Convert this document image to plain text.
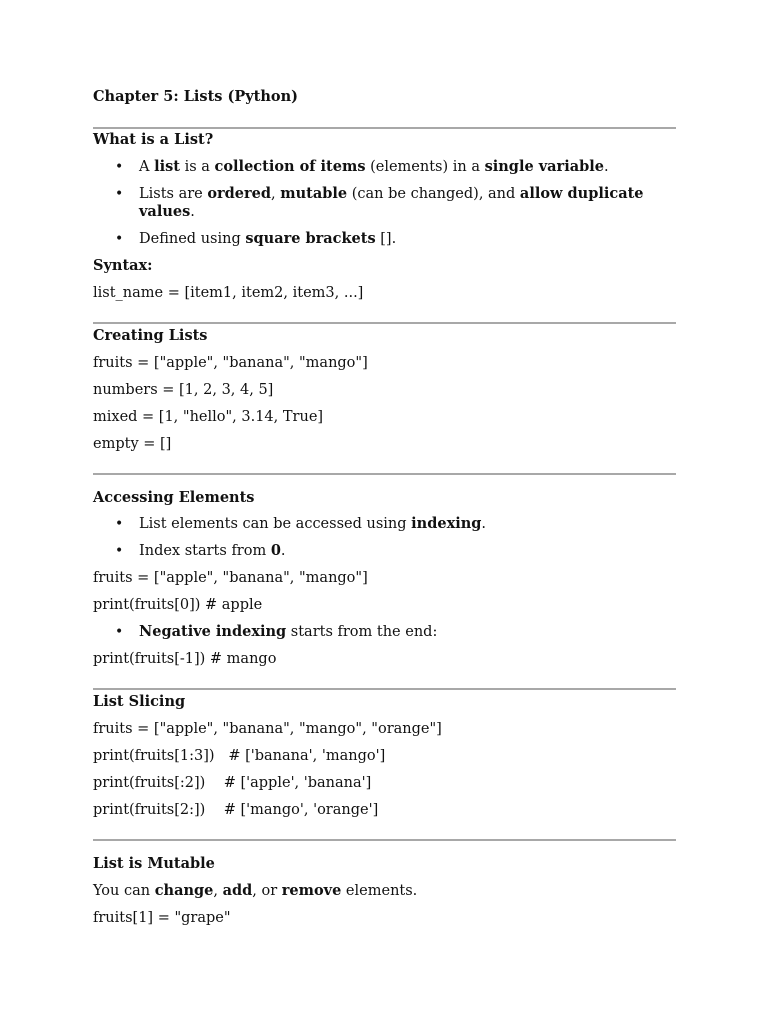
Chapter 5: Lists (Python)
What is a List?
• A list is a collection of items (elements) in a single variable.
• Lists are ordered, mutable (can be changed), and allow duplicate
values.
• Defined using square brackets [].
Syntax:
list_name = [item1, item2, item3, ...]
Creating Lists
fruits = ["apple", "banana", "mango"]
numbers = [1, 2, 3, 4, 5]
mixed = [1, "hello", 3.14, True]
empty = []
Accessing Elements
• List elements can be accessed using indexing.
• Index starts from 0.
fruits = ["apple", "banana", "mango"]
print(fruits[0]) # apple
• Negative indexing starts from the end:
print(fruits[-1]) # mango
List Slicing
fruits = ["apple", "banana", "mango", "orange"]
print(fruits[1:3])   # ['banana', 'mango']
print(fruits[:2])    # ['apple', 'banana']
print(fruits[2:])    # ['mango', 'orange']
List is Mutable
You can change, add, or remove elements.
fruits[1] = "grape"
